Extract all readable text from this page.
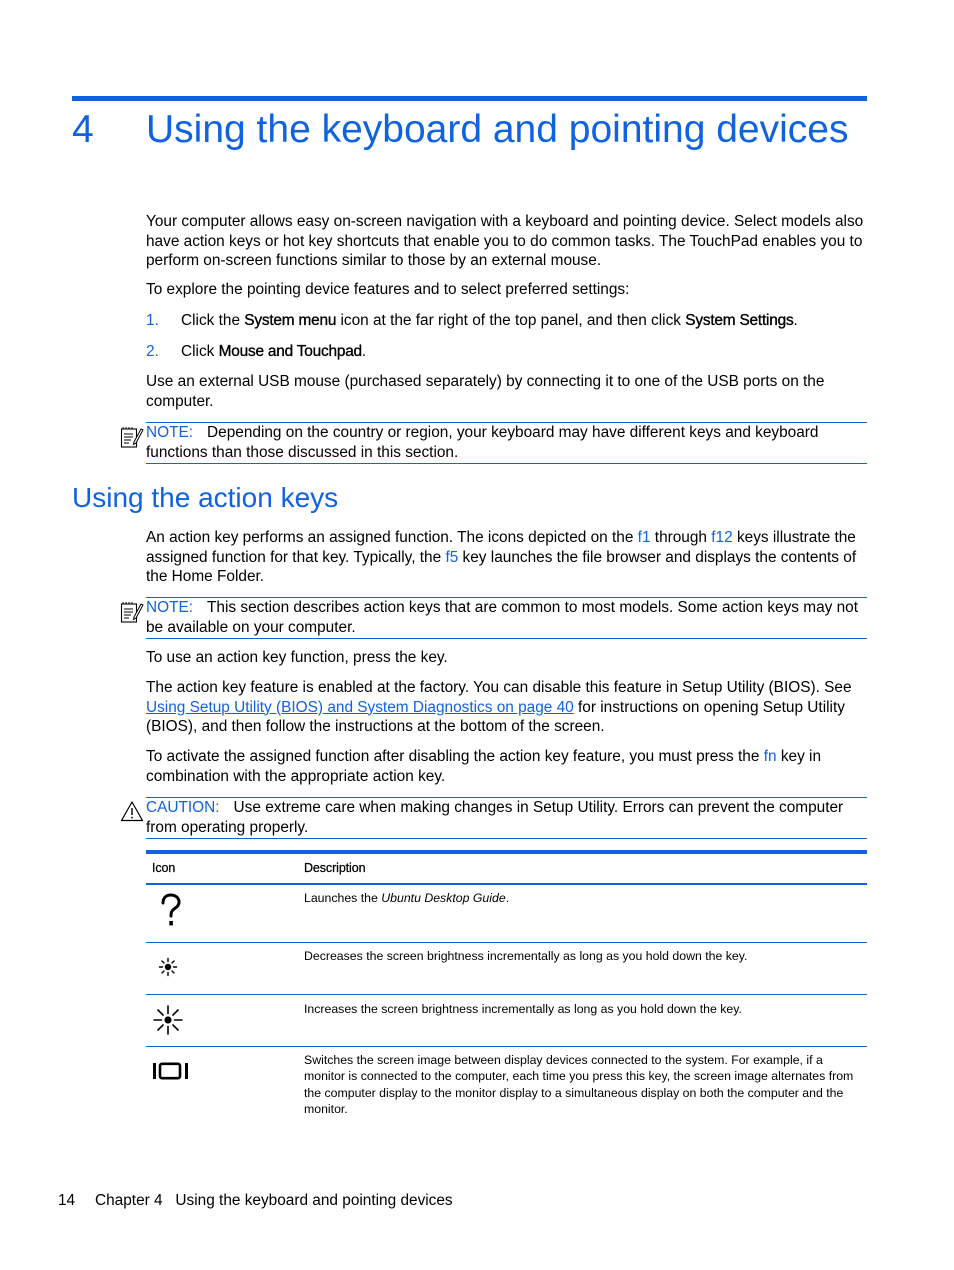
4 Using the keyboard and pointing devices

Your computer allows easy on-screen navigation with a keyboard and pointing device. Select models also have action keys or hot key shortcuts that enable you to do common tasks. The TouchPad enables you to perform on-screen functions similar to those by an external mouse.

To explore the pointing device features and to select preferred settings:

1. Click the System menu icon at the far right of the top panel, and then click System Settings.
2. Click Mouse and Touchpad.

Use an external USB mouse (purchased separately) by connecting it to one of the USB ports on the computer.

NOTE: Depending on the country or region, your keyboard may have different keys and keyboard functions than those discussed in this section.
Using the action keys

An action key performs an assigned function. The icons depicted on the f1 through f12 keys illustrate the assigned function for that key. Typically, the f5 key launches the file browser and displays the contents of the Home Folder.

NOTE: This section describes action keys that are common to most models. Some action keys may not be available on your computer.

To use an action key function, press the key.

The action key feature is enabled at the factory. You can disable this feature in Setup Utility (BIOS). See Using Setup Utility (BIOS) and System Diagnostics on page 40 for instructions on opening Setup Utility (BIOS), and then follow the instructions at the bottom of the screen.

To activate the assigned function after disabling the action key feature, you must press the fn key in combination with the appropriate action key.

CAUTION: Use extreme care when making changes in Setup Utility. Errors can prevent the computer from operating properly.
Icon	Description

Launches the Ubuntu Desktop Guide.

Decreases the screen brightness incrementally as long as you hold down the key.

Increases the screen brightness incrementally as long as you hold down the key.

Switches the screen image between display devices connected to the system. For example, if a monitor is connected to the computer, each time you press this key, the screen image alternates from the computer display to the monitor display to a simultaneous display on both the computer and the monitor.

14 Chapter 4   Using the keyboard and pointing devices
